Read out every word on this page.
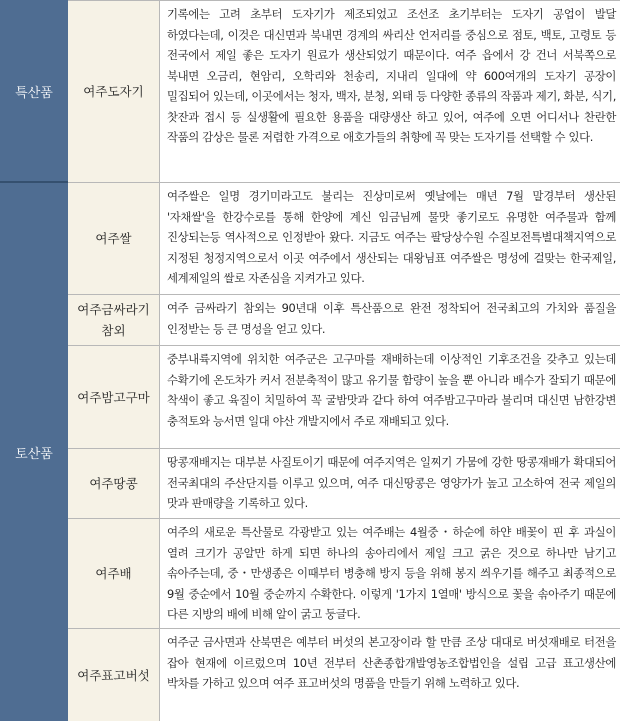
특산품
토산품
여주도자기
기록에는 고려 초부터 도자기가 제조되었고 조선조 초기부터는 도자기 공업이 발달 하였다는데, 이것은 대신면과 북내면 경계의 싸리산 언저리를 중심으로 점토, 백토, 고령토 등 전국에서 제일 좋은 도자기 원료가 생산되었기 때문이다. 여주 읍에서 강 건너 서북쪽으로 북내면 오금리, 현암리, 오학리와 천송리, 지내리 일대에 약 600여개의 도자기 공장이 밀집되어 있는데, 이곳에서는 청자, 백자, 분청, 외태 등 다양한 종류의 작품과 제기, 화분, 식기, 찻잔과 접시 등 실생활에 필요한 용품을 대량생산 하고 있어, 여주에 오면 어디서나 찬란한 작품의 감상은 물론 저렴한 가격으로 애호가들의 취향에 꼭 맞는 도자기를 선택할 수 있다.
여주쌀
여주쌀은 일명 경기미라고도 불리는 진상미로써 옛날에는 매년 7월 말경부터 생산된 '자채쌀'을 한강수로를 통해 한양에 계신 임금님께 물맛 좋기로도 유명한 여주물과 함께 진상되는등 역사적으로 인정받아 왔다. 지금도 여주는 팔당상수원 수질보전특별대책지역으로 지정된 청정지역으로서 이곳 여주에서 생산되는 대왕님표 여주쌀은 명성에 걸맞는 한국제일, 세계제일의 쌀로 자존심을 지켜가고 있다.
여주금싸라기 참외
여주 금싸라기 참외는 90년대 이후 특산품으로 완전 정착되어 전국최고의 가치와 품질을 인정받는 등 큰 명성을 얻고 있다.
여주밤고구마
중부내륙지역에 위치한 여주군은 고구마를 재배하는데 이상적인 기후조건을 갖추고 있는데 수확기에 온도차가 커서 전분축적이 많고 유기물 함량이 높을 뿐 아니라 배수가 잘되기 때문에 착색이 좋고 육질이 치밀하여 꼭 굴밤맛과 같다 하여 여주밤고구마라 불리며 대신면 남한강변 충적토와 능서면 일대 야산 개발지에서 주로 재배되고 있다.
여주땅콩
땅콩재배지는 대부분 사질토이기 때문에 여주지역은 일찌기 가뭄에 강한 땅콩재배가 확대되어 전국최대의 주산단지를 이루고 있으며, 여주 대신땅콩은 영양가가 높고 고소하여 전국 제일의 맛과 판매량을 기록하고 있다.
여주배
여주의 새로운 특산물로 각광받고 있는 여주배는 4월중・하순에 하얀 배꽃이 핀 후 과실이 열려 크기가 공알만 하게 되면 하나의 송아리에서 제일 크고 굵은 것으로 하나만 남기고 솎아주는데, 중・만생종은 이때부터 병충해 방지 등을 위해 봉지 씌우기를 해주고 최종적으로 9월 중순에서 10월 중순까지 수확한다. 이렇게 '1가지 1열매' 방식으로 꽃을 솎아주기 때문에 다른 지방의 배에 비해 알이 굵고 둥글다.
여주표고버섯
여주군 금사면과 산북면은 예부터 버섯의 본고장이라 할 만큼 조상 대대로 버섯재배로 터전을 잡아 현재에 이르렀으며 10년 전부터 산촌종합개발영농조합법인을 설립 고급 표고생산에 박차를 가하고 있으며 여주 표고버섯의 명품을 만들기 위해 노력하고 있다.
